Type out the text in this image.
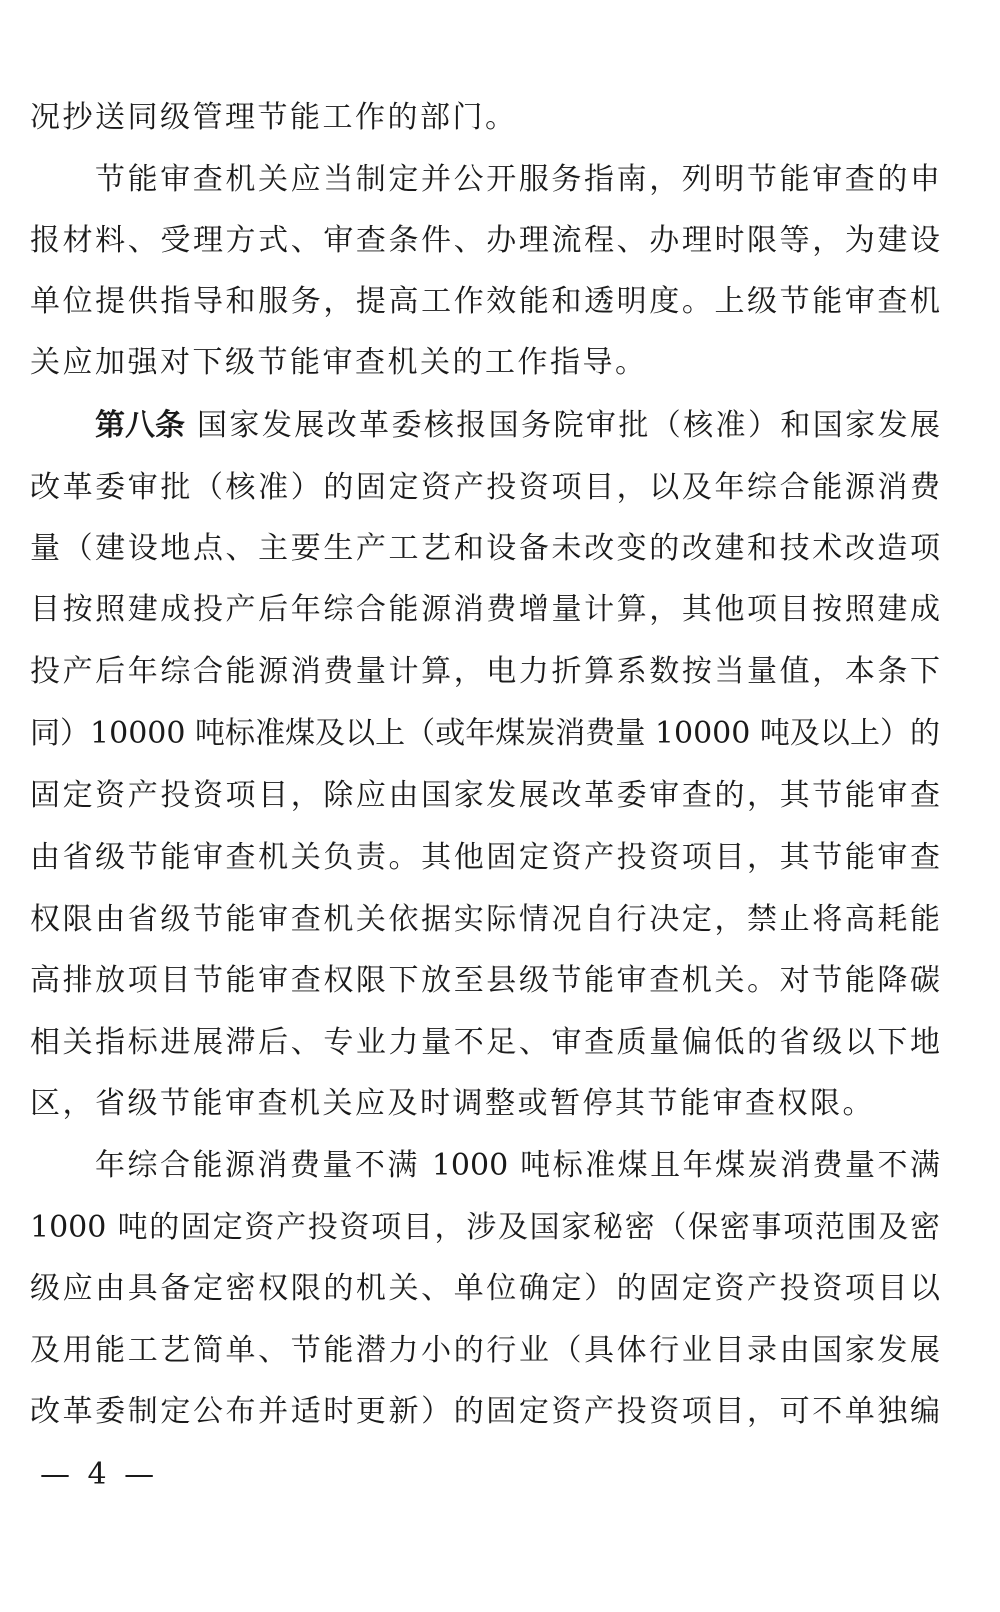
况抄送同级管理节能工作的部门。
节能审查机关应当制定并公开服务指南，列明节能审查的申
报材料、受理方式、审查条件、办理流程、办理时限等，为建设
单位提供指导和服务，提高工作效能和透明度。上级节能审查机
关应加强对下级节能审查机关的工作指导。
第八条 国家发展改革委核报国务院审批（核准）和国家发展
改革委审批（核准）的固定资产投资项目，以及年综合能源消费
量（建设地点、主要生产工艺和设备未改变的改建和技术改造项
目按照建成投产后年综合能源消费增量计算，其他项目按照建成
投产后年综合能源消费量计算，电力折算系数按当量值，本条下
同）10000 吨标准煤及以上（或年煤炭消费量 10000 吨及以上）的
固定资产投资项目，除应由国家发展改革委审查的，其节能审查
由省级节能审查机关负责。其他固定资产投资项目，其节能审查
权限由省级节能审查机关依据实际情况自行决定，禁止将高耗能
高排放项目节能审查权限下放至县级节能审查机关。对节能降碳
相关指标进展滞后、专业力量不足、审查质量偏低的省级以下地
区，省级节能审查机关应及时调整或暂停其节能审查权限。
年综合能源消费量不满 1000 吨标准煤且年煤炭消费量不满
1000 吨的固定资产投资项目，涉及国家秘密（保密事项范围及密
级应由具备定密权限的机关、单位确定）的固定资产投资项目以
及用能工艺简单、节能潜力小的行业（具体行业目录由国家发展
改革委制定公布并适时更新）的固定资产投资项目，可不单独编
— 4 —
